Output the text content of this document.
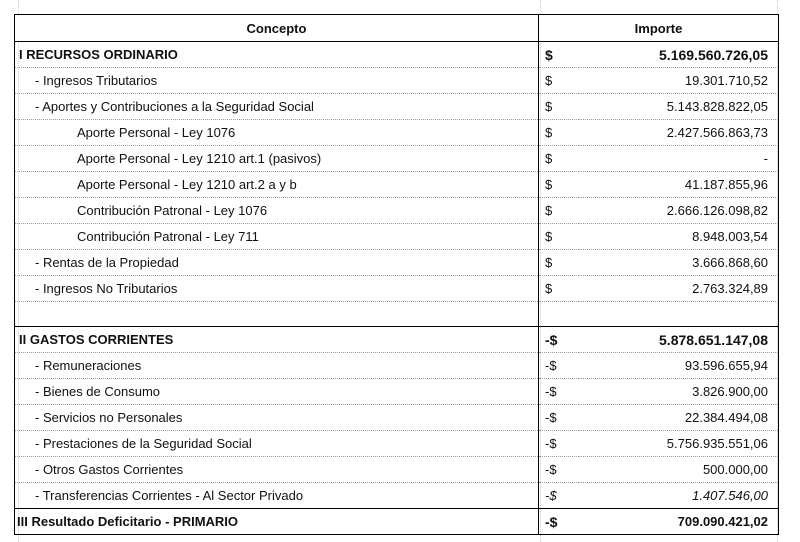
Concepto	Importe	
I RECURSOS ORDINARIO	$	5.169.560.726,05
- Ingresos Tributarios	$	19.301.710,52
- Aportes y Contribuciones a la Seguridad Social	$	5.143.828.822,05
Aporte Personal - Ley 1076	$	2.427.566.863,73
Aporte Personal - Ley 1210 art.1 (pasivos)	$	-
Aporte Personal - Ley 1210 art.2 a y b	$	41.187.855,96
Contribución Patronal - Ley 1076	$	2.666.126.098,82
Contribución Patronal - Ley 711	$	8.948.003,54
- Rentas de la Propiedad	$	3.666.868,60
- Ingresos No Tributarios	$	2.763.324,89

II GASTOS CORRIENTES	-$	5.878.651.147,08
- Remuneraciones	-$	93.596.655,94
- Bienes de Consumo	-$	3.826.900,00
- Servicios no Personales	-$	22.384.494,08
- Prestaciones de la Seguridad Social	-$	5.756.935.551,06
- Otros Gastos Corrientes	-$	500.000,00
- Transferencias Corrientes - Al Sector Privado	-$	1.407.546,00
III Resultado Deficitario - PRIMARIO	-$	709.090.421,02
